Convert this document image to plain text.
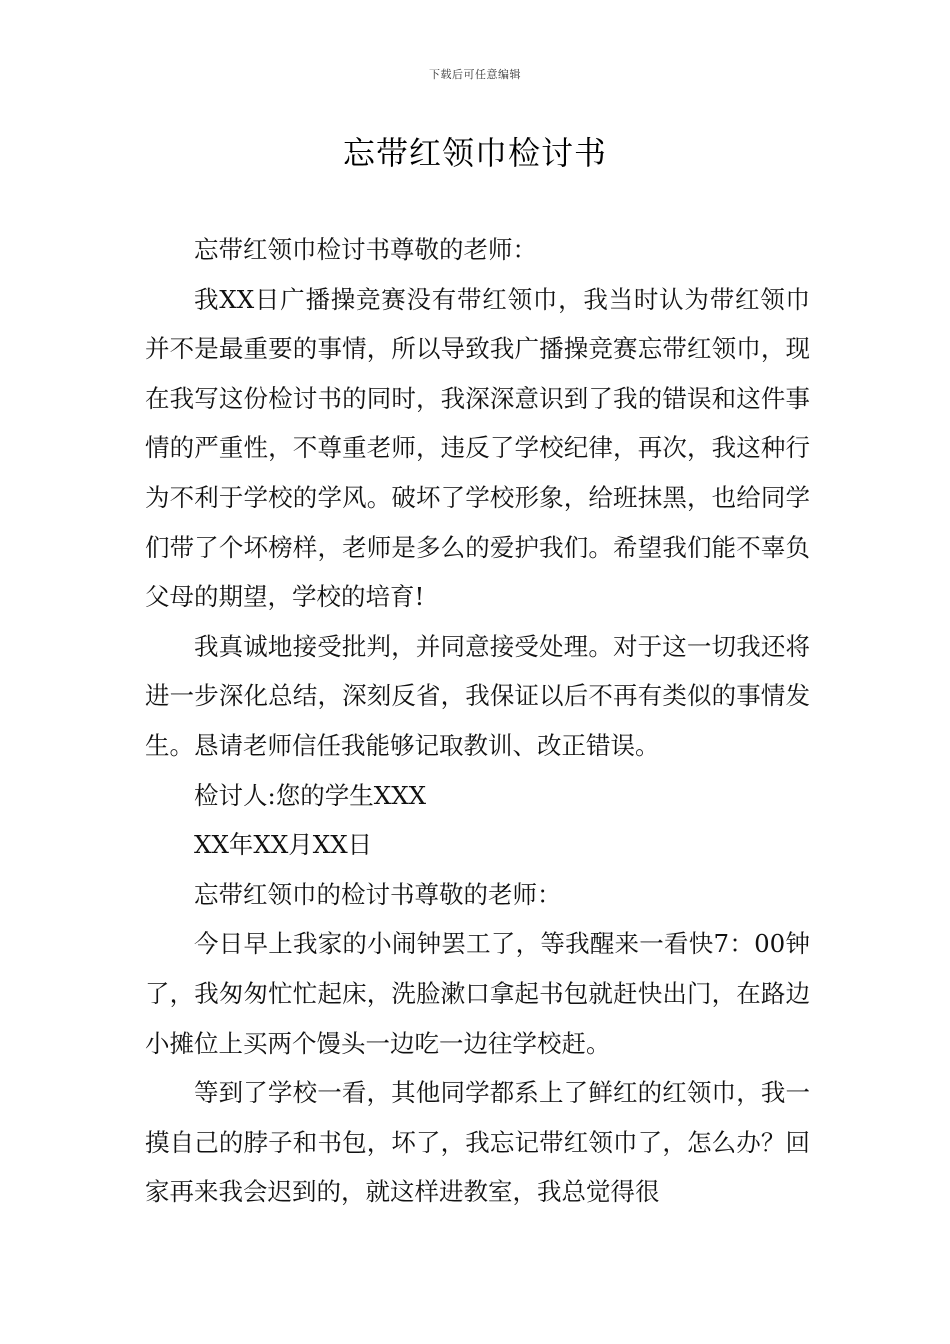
下载后可任意编辑
忘带红领巾检讨书

忘带红领巾检讨书尊敬的老师：

我XX日广播操竞赛没有带红领巾，我当时认为带红领巾并不是最重要的事情，所以导致我广播操竞赛忘带红领巾，现在我写这份检讨书的同时，我深深意识到了我的错误和这件事情的严重性，不尊重老师，违反了学校纪律，再次，我这种行为不利于学校的学风。破坏了学校形象，给班抹黑，也给同学们带了个坏榜样，老师是多么的爱护我们。希望我们能不辜负父母的期望，学校的培育!

我真诚地接受批判，并同意接受处理。对于这一切我还将进一步深化总结，深刻反省，我保证以后不再有类似的事情发生。恳请老师信任我能够记取教训、改正错误。

检讨人:您的学生XXX

XX年XX月XX日

忘带红领巾的检讨书尊敬的老师：

今日早上我家的小闹钟罢工了，等我醒来一看快7：00钟了，我匆匆忙忙起床，洗脸漱口拿起书包就赶快出门，在路边小摊位上买两个馒头一边吃一边往学校赶。

等到了学校一看，其他同学都系上了鲜红的红领巾，我一摸自己的脖子和书包，坏了，我忘记带红领巾了，怎么办？回家再来我会迟到的，就这样进教室，我总觉得很
